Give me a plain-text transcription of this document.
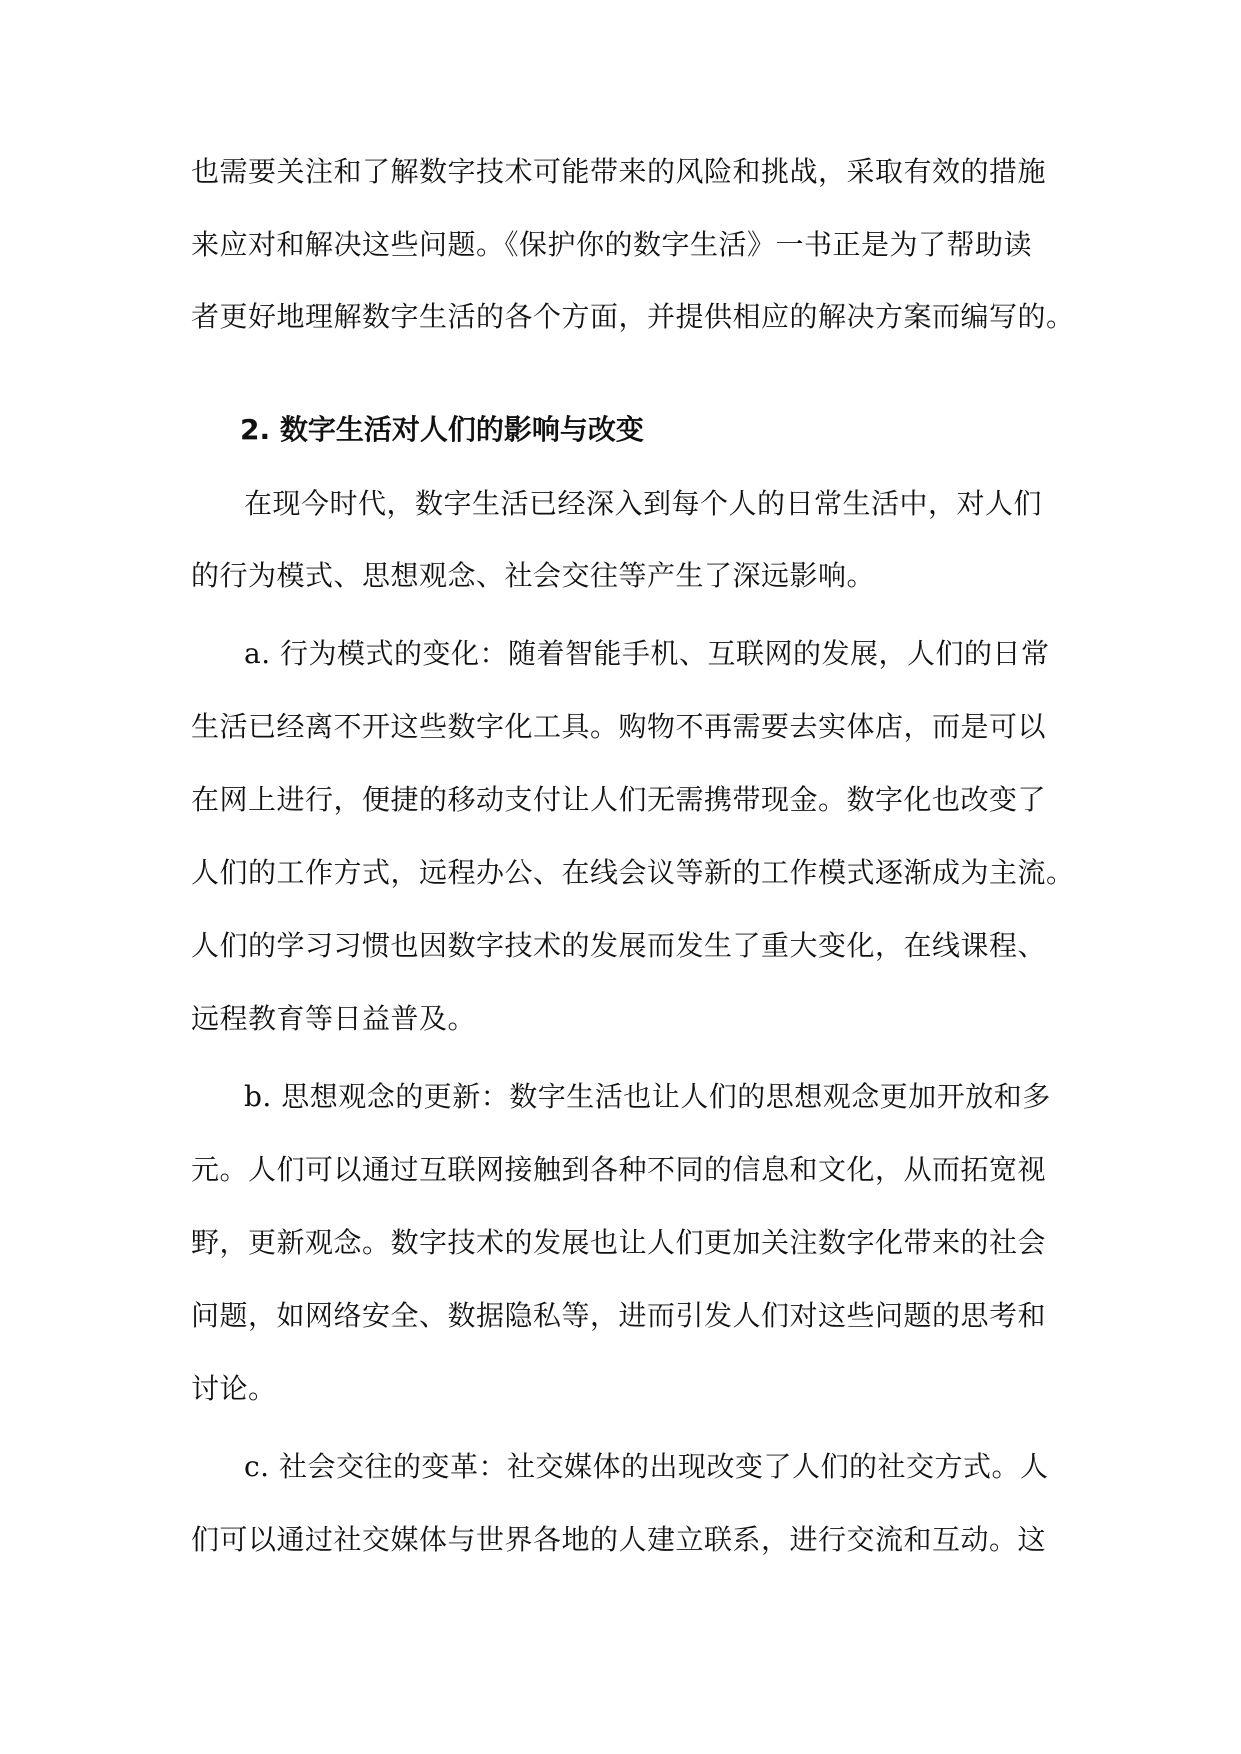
也需要关注和了解数字技术可能带来的风险和挑战，采取有效的措施
来应对和解决这些问题。《保护你的数字生活》一书正是为了帮助读
者更好地理解数字生活的各个方面，并提供相应的解决方案而编写的。
2. 数字生活对人们的影响与改变
在现今时代，数字生活已经深入到每个人的日常生活中，对人们
的行为模式、思想观念、社会交往等产生了深远影响。
a. 行为模式的变化：随着智能手机、互联网的发展，人们的日常
生活已经离不开这些数字化工具。购物不再需要去实体店，而是可以
在网上进行，便捷的移动支付让人们无需携带现金。数字化也改变了
人们的工作方式，远程办公、在线会议等新的工作模式逐渐成为主流。
人们的学习习惯也因数字技术的发展而发生了重大变化，在线课程、
远程教育等日益普及。
b. 思想观念的更新：数字生活也让人们的思想观念更加开放和多
元。人们可以通过互联网接触到各种不同的信息和文化，从而拓宽视
野，更新观念。数字技术的发展也让人们更加关注数字化带来的社会
问题，如网络安全、数据隐私等，进而引发人们对这些问题的思考和
讨论。
c. 社会交往的变革：社交媒体的出现改变了人们的社交方式。人
们可以通过社交媒体与世界各地的人建立联系，进行交流和互动。这
